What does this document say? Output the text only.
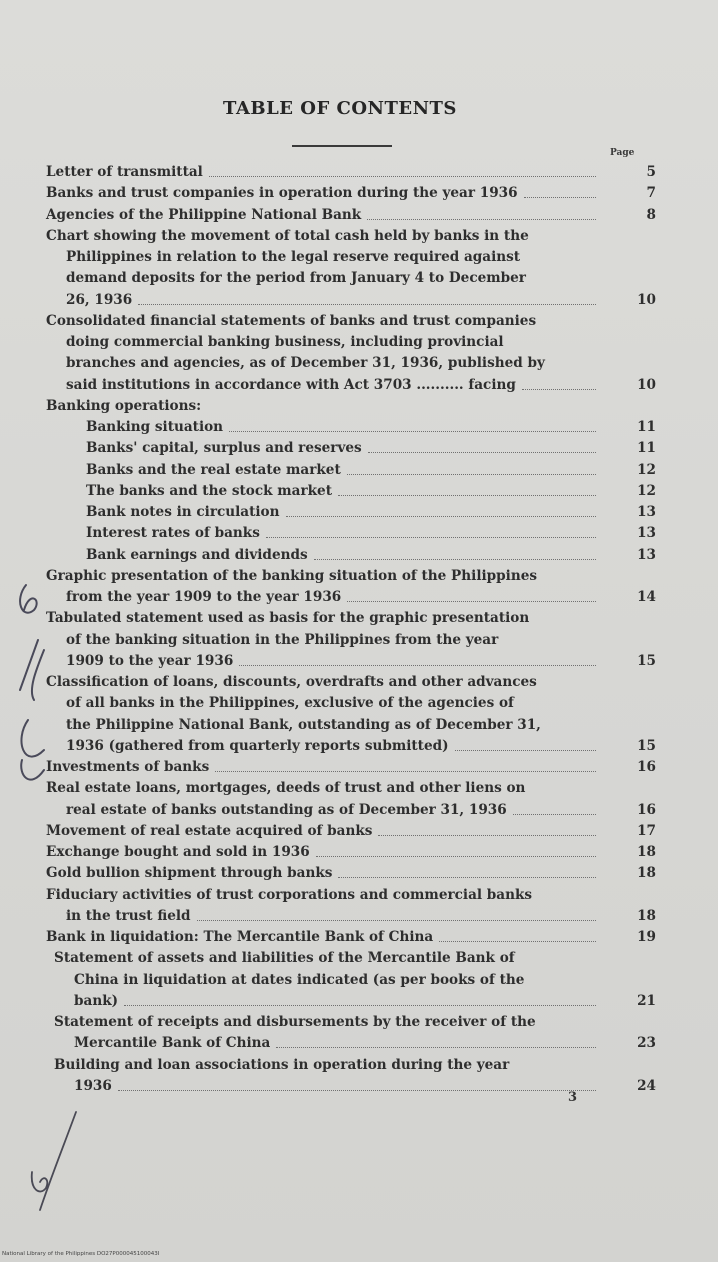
TABLE OF CONTENTS
Page
5
Letter of transmittal
7
Banks and trust companies in operation during the year 1936
8
Agencies of the Philippine National Bank
Chart showing the movement of total cash held by banks in the
Philippines in relation to the legal reserve required against
demand deposits for the period from January 4 to December
10
26, 1936
Consolidated financial statements of banks and trust companies
doing commercial banking business, including provincial
branches and agencies, as of December 31, 1936, published by
10
said institutions in accordance with Act 3703 .......... facing
Banking operations:
11
Banking situation
11
Banks' capital, surplus and reserves
12
Banks and the real estate market
12
The banks and the stock market
13
Bank notes in circulation
13
Interest rates of banks
13
Bank earnings and dividends
Graphic presentation of the banking situation of the Philippines
14
from the year 1909 to the year 1936
Tabulated statement used as basis for the graphic presentation
of the banking situation in the Philippines from the year
15
1909 to the year 1936
Classification of loans, discounts, overdrafts and other advances
of all banks in the Philippines, exclusive of the agencies of
the Philippine National Bank, outstanding as of December 31,
15
1936 (gathered from quarterly reports submitted)
16
Investments of banks
Real estate loans, mortgages, deeds of trust and other liens on
16
real estate of banks outstanding as of December 31, 1936
17
Movement of real estate acquired of banks
18
Exchange bought and sold in 1936
18
Gold bullion shipment through banks
Fiduciary activities of trust corporations and commercial banks
18
in the trust field
19
Bank in liquidation: The Mercantile Bank of China
Statement of assets and liabilities of the Mercantile Bank of
China in liquidation at dates indicated (as per books of the
21
bank)
Statement of receipts and disbursements by the receiver of the
23
Mercantile Bank of China
Building and loan associations in operation during the year
24
1936
3
National Library of the Philippines DO27P000045100043I
